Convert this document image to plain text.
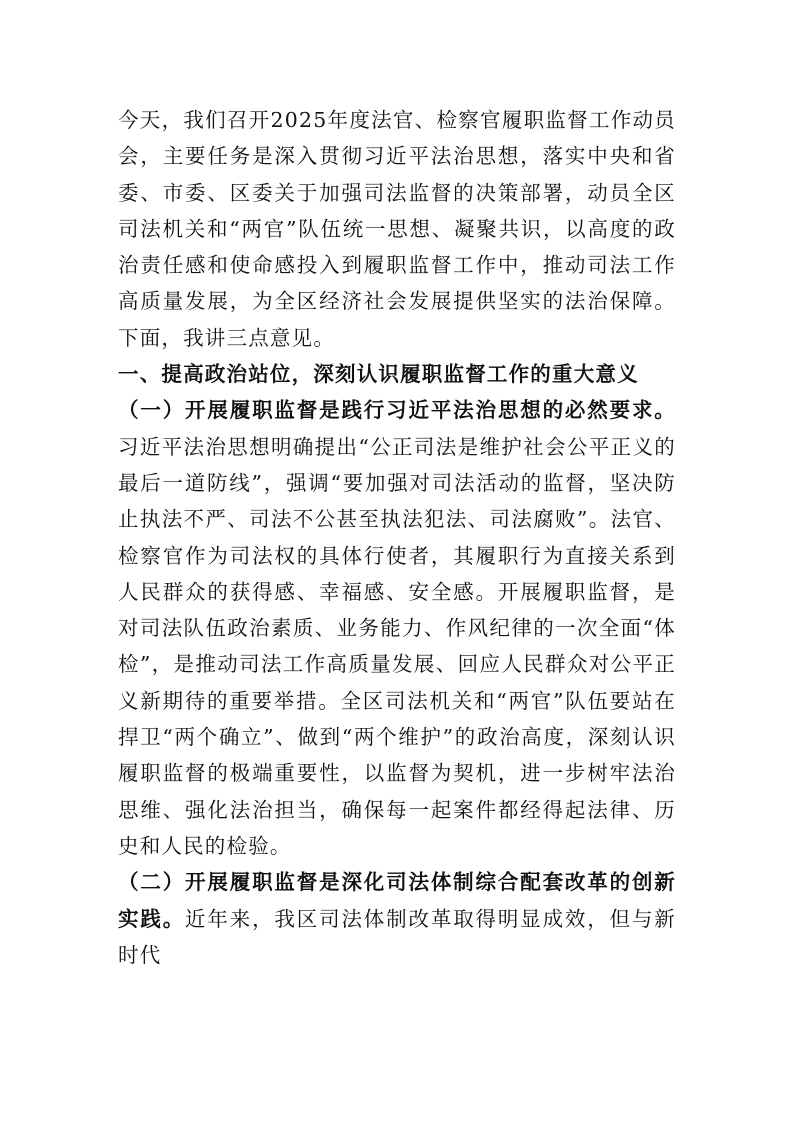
今天，我们召开2025年度法官、检察官履职监督工作动员会，主要任务是深入贯彻习近平法治思想，落实中央和省委、市委、区委关于加强司法监督的决策部署，动员全区司法机关和“两官”队伍统一思想、凝聚共识，以高度的政治责任感和使命感投入到履职监督工作中，推动司法工作高质量发展，为全区经济社会发展提供坚实的法治保障。下面，我讲三点意见。

一、提高政治站位，深刻认识履职监督工作的重大意义

（一）开展履职监督是践行习近平法治思想的必然要求。习近平法治思想明确提出“公正司法是维护社会公平正义的最后一道防线”，强调“要加强对司法活动的监督，坚决防止执法不严、司法不公甚至执法犯法、司法腐败”。法官、检察官作为司法权的具体行使者，其履职行为直接关系到人民群众的获得感、幸福感、安全感。开展履职监督，是对司法队伍政治素质、业务能力、作风纪律的一次全面“体检”，是推动司法工作高质量发展、回应人民群众对公平正义新期待的重要举措。全区司法机关和“两官”队伍要站在捍卫“两个确立”、做到“两个维护”的政治高度，深刻认识履职监督的极端重要性，以监督为契机，进一步树牢法治思维、强化法治担当，确保每一起案件都经得起法律、历史和人民的检验。

（二）开展履职监督是深化司法体制综合配套改革的创新实践。近年来，我区司法体制改革取得明显成效，但与新时代
